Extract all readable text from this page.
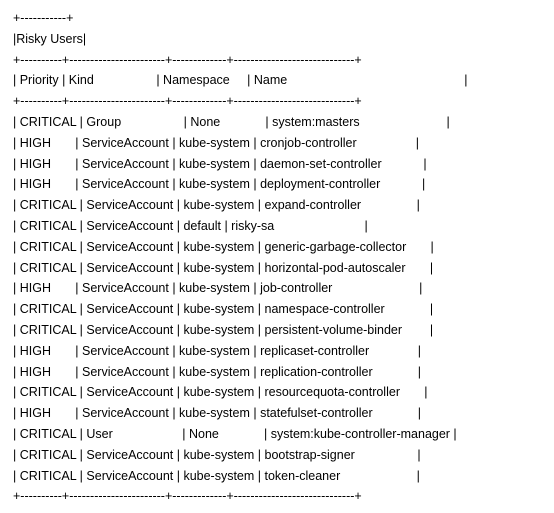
+-----------+
|Risky Users|
+----------+-----------------------+-------------+-----------------------------+
| Priority | Kind                  | Namespace     | Name                                                   |
+----------+-----------------------+-------------+-----------------------------+
| CRITICAL | Group                  | None             | system:masters                         |
| HIGH       | ServiceAccount | kube-system | cronjob-controller                 |
| HIGH       | ServiceAccount | kube-system | daemon-set-controller            |
| HIGH       | ServiceAccount | kube-system | deployment-controller            |
| CRITICAL | ServiceAccount | kube-system | expand-controller                |
| CRITICAL | ServiceAccount | default | risky-sa                          |
| CRITICAL | ServiceAccount | kube-system | generic-garbage-collector       |
| CRITICAL | ServiceAccount | kube-system | horizontal-pod-autoscaler       |
| HIGH       | ServiceAccount | kube-system | job-controller                         |
| CRITICAL | ServiceAccount | kube-system | namespace-controller             |
| CRITICAL | ServiceAccount | kube-system | persistent-volume-binder        |
| HIGH       | ServiceAccount | kube-system | replicaset-controller              |
| HIGH       | ServiceAccount | kube-system | replication-controller             |
| CRITICAL | ServiceAccount | kube-system | resourcequota-controller       |
| HIGH       | ServiceAccount | kube-system | statefulset-controller             |
| CRITICAL | User                    | None             | system:kube-controller-manager |
| CRITICAL | ServiceAccount | kube-system | bootstrap-signer                  |
| CRITICAL | ServiceAccount | kube-system | token-cleaner                      |
+----------+-----------------------+-------------+-----------------------------+
